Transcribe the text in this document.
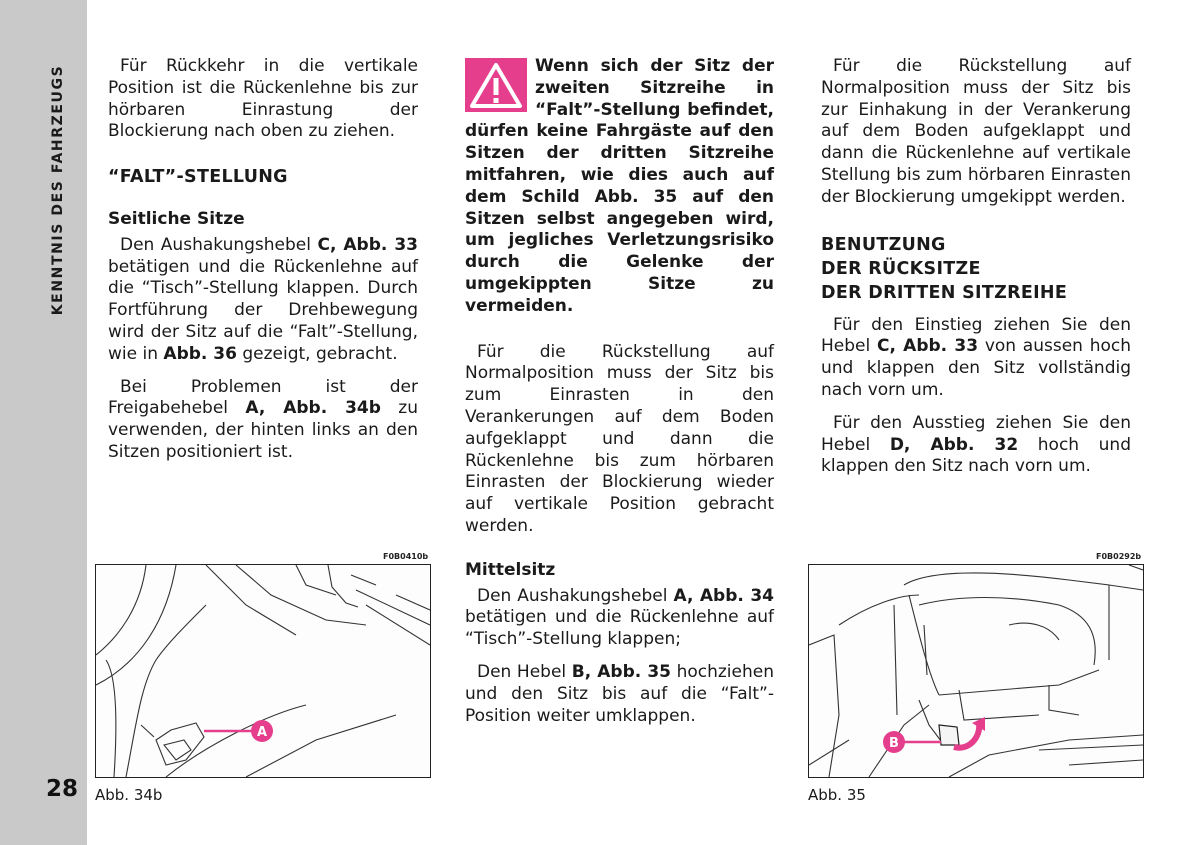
KENNTNIS DES FAHRZEUGS
28

Für Rückkehr in die vertikale Position ist die Rückenlehne bis zur hörbaren Einrastung der Blockierung nach oben zu ziehen.

“FALT”-STELLUNG
Seitliche Sitze

Den Aushakungshebel C, Abb. 33 betätigen und die Rückenlehne auf die “Tisch”-Stellung klappen. Durch Fortführung der Drehbewegung wird der Sitz auf die “Falt”-Stellung, wie in Abb. 36 gezeigt, gebracht.

Bei Problemen ist der Freigabehebel A, Abb. 34b zu verwenden, der hinten links an den Sitzen positioniert ist.

Wenn sich der Sitz der zweiten Sitzreihe in “Falt”-Stellung befindet, dürfen keine Fahrgäste auf den Sitzen der dritten Sitzreihe mitfahren, wie dies auch auf dem Schild Abb. 35 auf den Sitzen selbst angegeben wird, um jegliches Verletzungsrisiko durch die Gelenke der umgekippten Sitze zu vermeiden.

Für die Rückstellung auf Normalposition muss der Sitz bis zum Einrasten in den Verankerungen auf dem Boden aufgeklappt und dann die Rückenlehne bis zum hörbaren Einrasten der Blockierung wieder auf vertikale Position gebracht werden.

Mittelsitz

Den Aushakungshebel A, Abb. 34 betätigen und die Rückenlehne auf “Tisch”-Stellung klappen;

Den Hebel B, Abb. 35 hochziehen und den Sitz bis auf die “Falt”-Position weiter umklappen.

Für die Rückstellung auf Normalposition muss der Sitz bis zur Einhakung in der Verankerung auf dem Boden aufgeklappt und dann die Rückenlehne auf vertikale Stellung bis zum hörbaren Einrasten der Blockierung umgekippt werden.

BENUTZUNG
DER RÜCKSITZE
DER DRITTEN SITZREIHE

Für den Einstieg ziehen Sie den Hebel C, Abb. 33 von aussen hoch und klappen den Sitz vollständig nach vorn um.

Für den Ausstieg ziehen Sie den Hebel D, Abb. 32 hoch und klappen den Sitz nach vorn um.

F0B0410b
A
Abb. 34b
F0B0292b
B
Abb. 35
